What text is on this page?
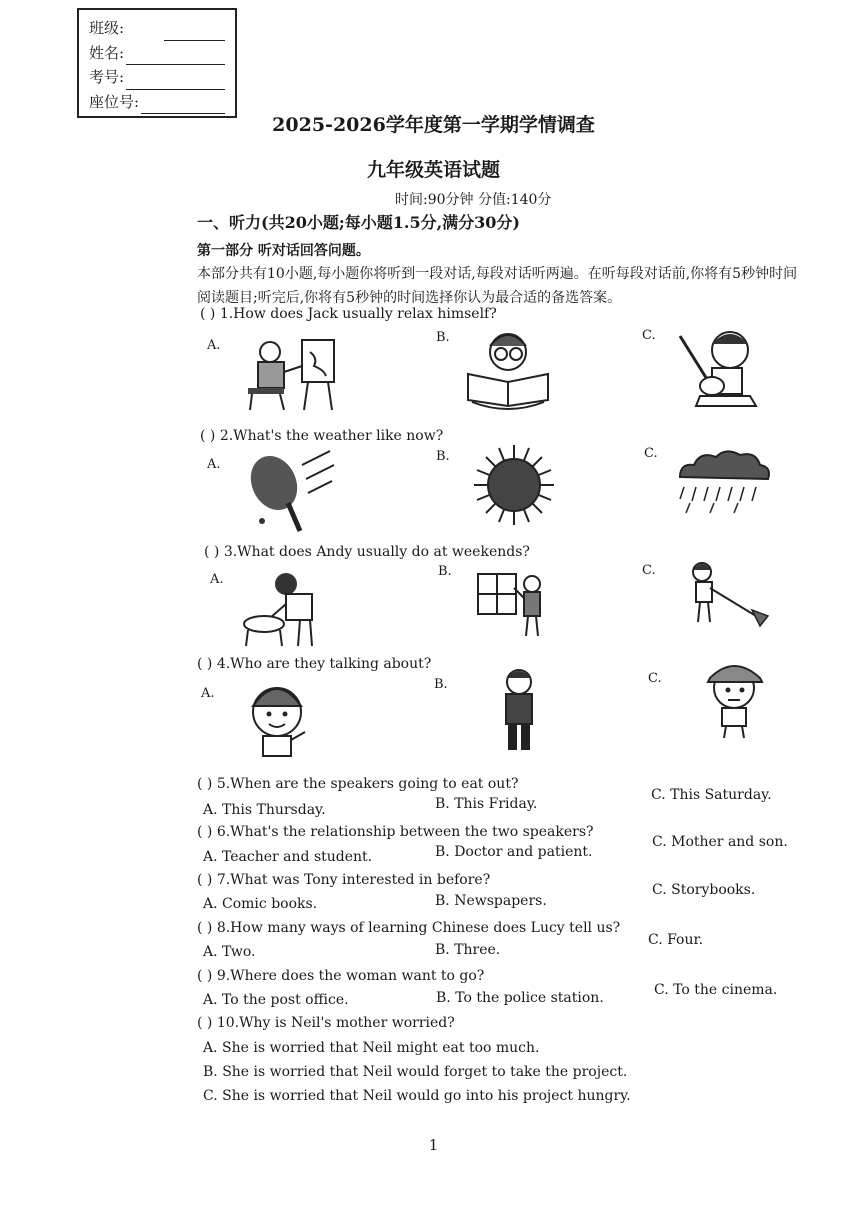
班级:
姓名:
考号:
座位号:
2025-2026学年度第一学期学情调查
九年级英语试题
时间:90分钟 分值:140分
一、听力(共20小题;每小题1.5分,满分30分)
第一部分 听对话回答问题。
本部分共有10小题,每小题你将听到一段对话,每段对话听两遍。在听每段对话前,你将有5秒钟时间阅读题目;听完后,你将有5秒钟的时间选择你认为最合适的备选答案。
( ) 1.How does Jack usually relax himself?
A.
B.	C.
( ) 2.What's the weather like now?
A.
B.	C.
( ) 3.What does Andy usually do at weekends?
A.
B.	C.
( ) 4.Who are they talking about?
A.
B.	C.
( ) 5.When are the speakers going to eat out?
A. This Thursday.	B. This Friday.
C. This Saturday.
( ) 6.What's the relationship between the two speakers?
A. Teacher and student.	B. Doctor and patient.
C. Mother and son.
( ) 7.What was Tony interested in before?
A. Comic books.	B. Newspapers.
C. Storybooks.
( ) 8.How many ways of learning Chinese does Lucy tell us?
A. Two.	B. Three.
C. Four.
( ) 9.Where does the woman want to go?
A. To the post office.	B. To the police station.	C. To the cinema.
( ) 10.Why is Neil's mother worried?
A. She is worried that Neil might eat too much.
B. She is worried that Neil would forget to take the project.
C. She is worried that Neil would go into his project hungry.
1
